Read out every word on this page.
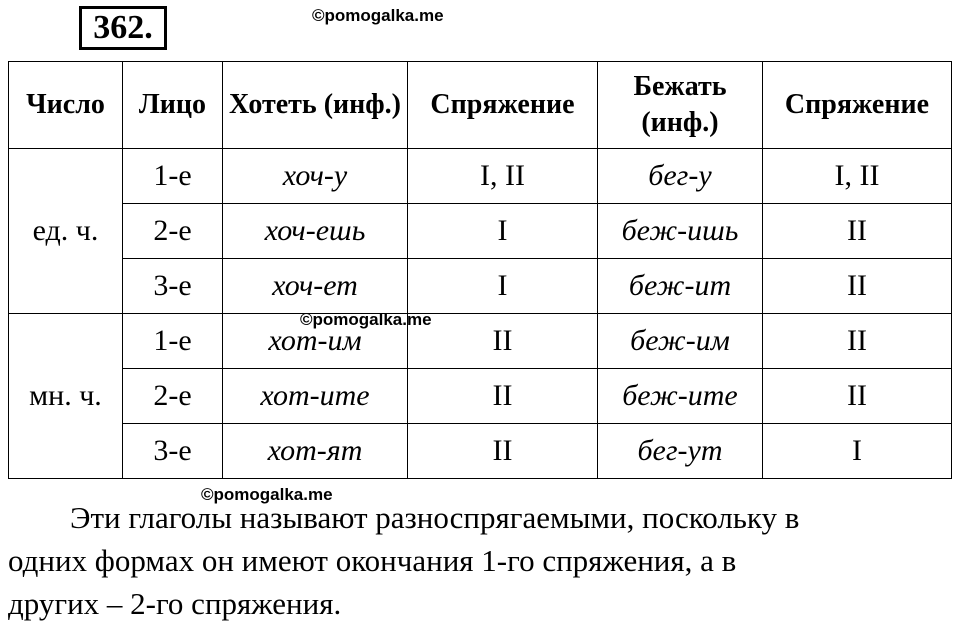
362.	©pomogalka.me
©pomogalka.me
©pomogalka.me
Число	Лицо	Хотеть (инф.)	Спряжение	Бежать (инф.)	Спряжение
ед. ч.	1-е	хоч-у	I, II	бег-у	I, II
	2-е	хоч-ешь	I	беж-ишь	II
	3-е	хоч-ет	I	беж-ит	II
мн. ч.	1-е	хот-им	II	беж-им	II
	2-е	хот-ите	II	беж-ите	II
	3-е	хот-ят	II	бег-ут	I
Эти глаголы называют разноспрягаемыми, поскольку в
одних формах он имеют окончания 1-го спряжения, а в
других – 2-го спряжения.
